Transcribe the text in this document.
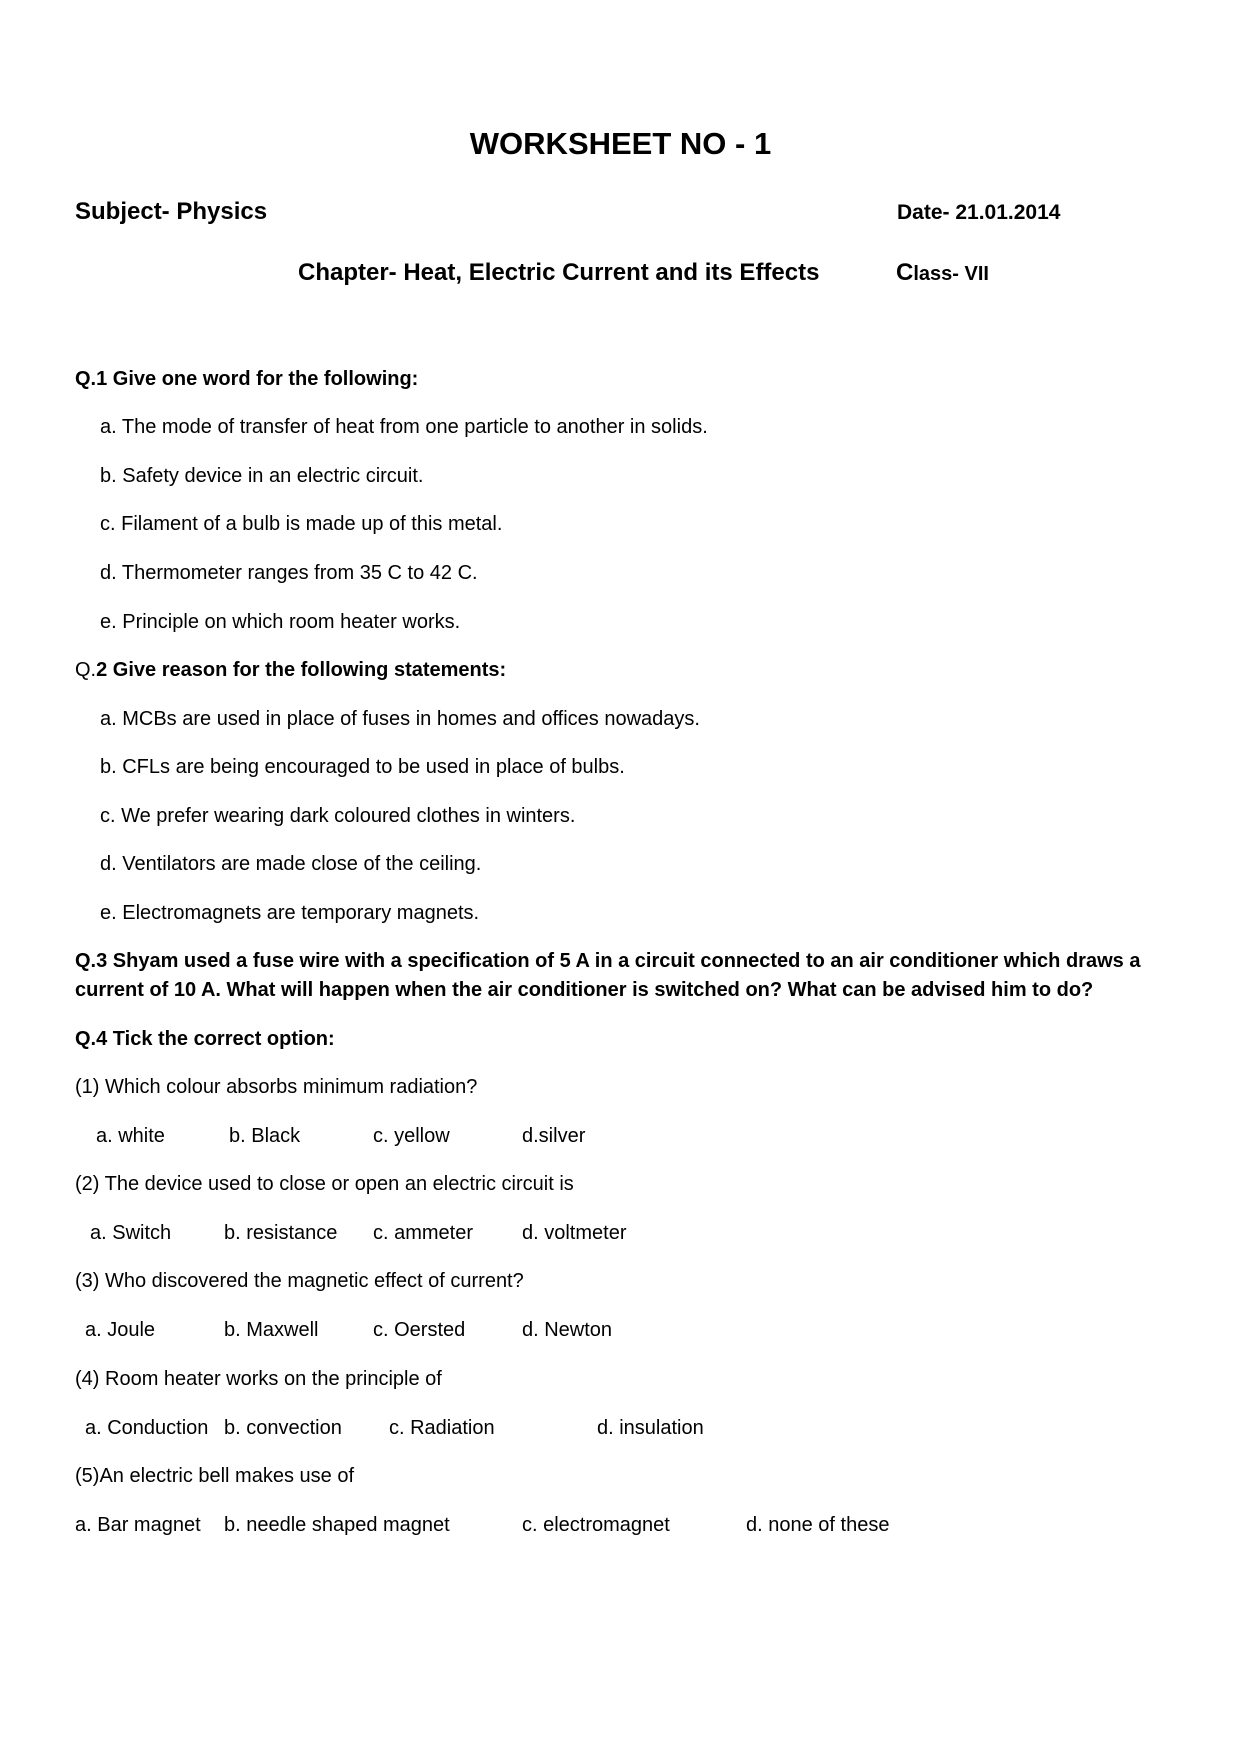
WORKSHEET NO - 1
Subject- Physics	Date- 21.01.2014
Chapter- Heat, Electric Current and its Effects	Class- VII
Q.1 Give one word for the following:
a. The mode of transfer of heat from one particle to another in solids.
b. Safety device in an electric circuit.
c. Filament of a bulb is made up of this metal.
d. Thermometer ranges from 35 C to 42 C.
e. Principle on which room heater works.
Q.2 Give reason for the following statements:
a. MCBs are used in place of fuses in homes and offices nowadays.
b. CFLs are being encouraged to be used in place of bulbs.
c. We prefer wearing dark coloured clothes in winters.
d. Ventilators are made close of the ceiling.
e. Electromagnets are temporary magnets.
Q.3 Shyam used a fuse wire with a specification of 5 A in a circuit connected to an air conditioner which draws a
current of 10 A. What will happen when the air conditioner is switched on? What can be advised him to do?
Q.4 Tick the correct option:
(1) Which colour absorbs minimum radiation?
a. white	b. Black	c. yellow	d.silver
(2) The device used to close or open an electric circuit is
a. Switch	b. resistance c. ammeter d. voltmeter
(3) Who discovered the magnetic effect of current?
a. Joule	b. Maxwell	c. Oersted	d. Newton
(4) Room heater works on the principle of
a. Conduction b. convection c. Radiation	d. insulation
(5)An electric bell makes use of
a. Bar magnet b. needle shaped magnet	c. electromagnet	d. none of these
